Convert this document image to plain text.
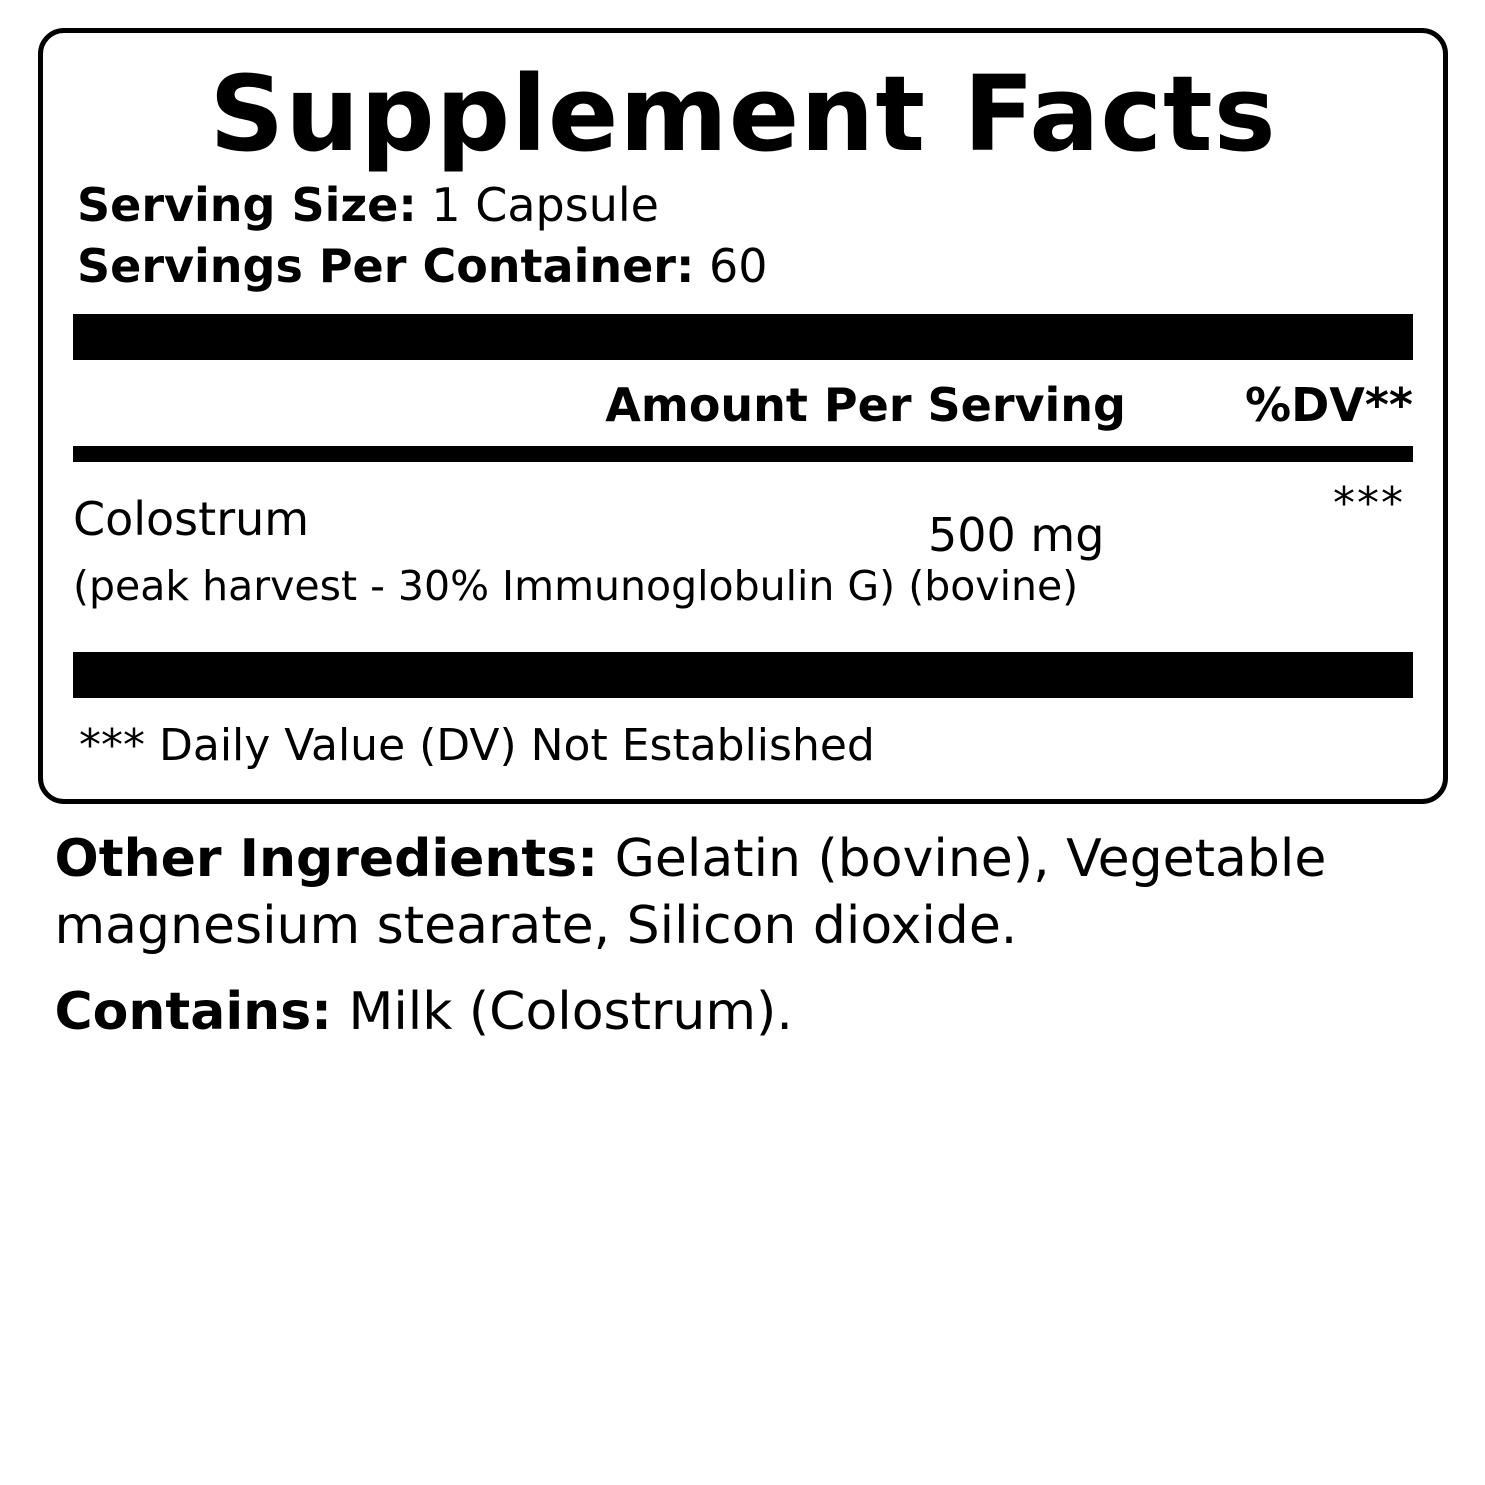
Supplement Facts
Serving Size: 1 Capsule
Servings Per Container: 60
Amount Per Serving	%DV**
Colostrum	500 mg
***
(peak harvest - 30% Immunoglobulin G) (bovine)
*** Daily Value (DV) Not Established

Other Ingredients: Gelatin (bovine), Vegetable magnesium stearate, Silicon dioxide.

Contains: Milk (Colostrum).
